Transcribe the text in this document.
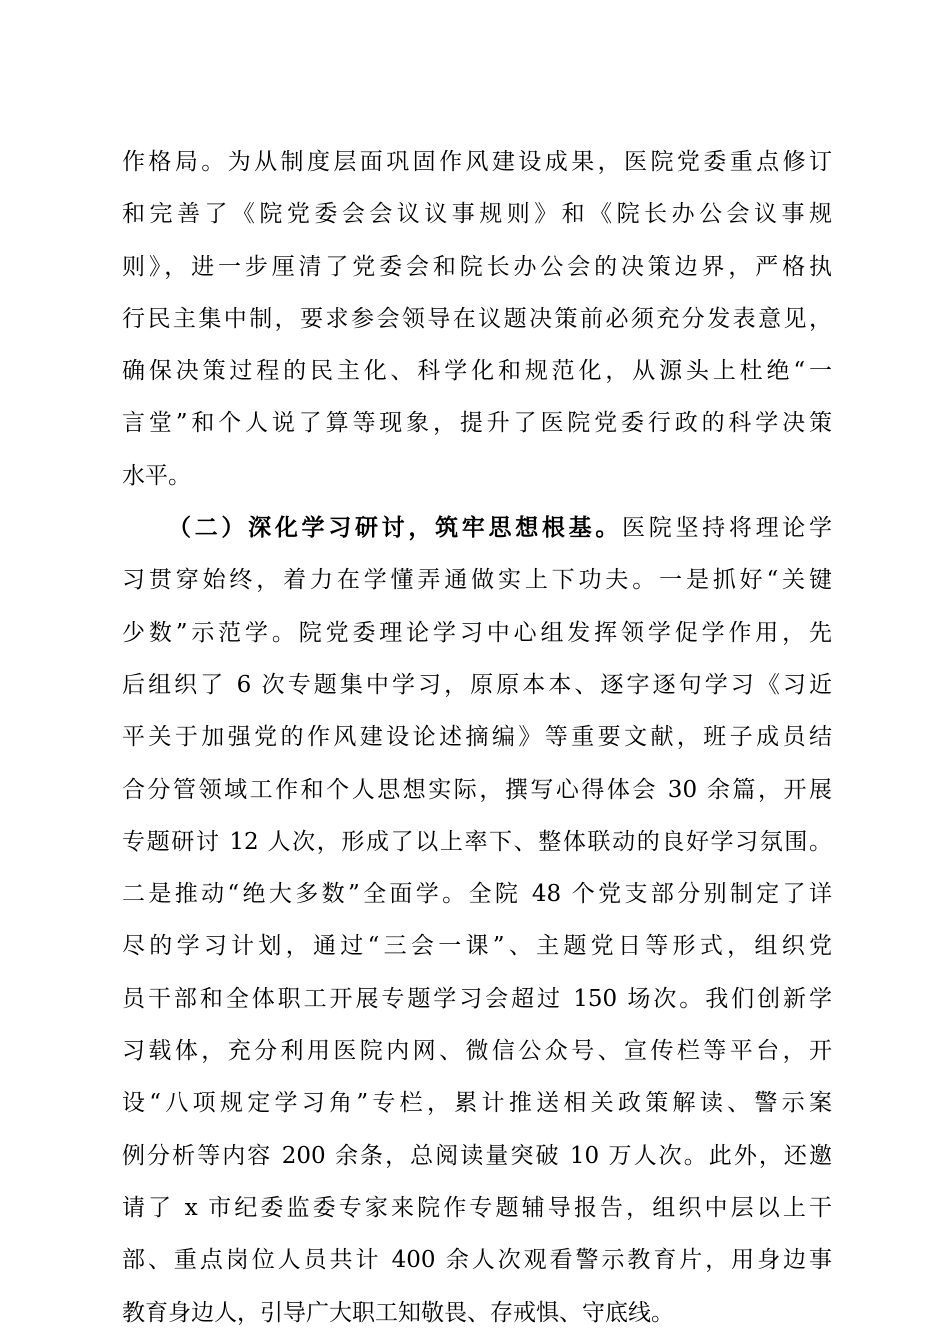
作格局。为从制度层面巩固作风建设成果，医院党委重点修订
和完善了《院党委会会议议事规则》和《院长办公会议事规
则》，进一步厘清了党委会和院长办公会的决策边界，严格执
行民主集中制，要求参会领导在议题决策前必须充分发表意见，
确保决策过程的民主化、科学化和规范化，从源头上杜绝“一
言堂”和个人说了算等现象，提升了医院党委行政的科学决策
水平。
（二）深化学习研讨，筑牢思想根基。医院坚持将理论学
习贯穿始终，着力在学懂弄通做实上下功夫。一是抓好“关键
少数”示范学。院党委理论学习中心组发挥领学促学作用，先
后组织了 6 次专题集中学习，原原本本、逐字逐句学习《习近
平关于加强党的作风建设论述摘编》等重要文献，班子成员结
合分管领域工作和个人思想实际，撰写心得体会 30 余篇，开展
专题研讨 12 人次，形成了以上率下、整体联动的良好学习氛围。
二是推动“绝大多数”全面学。全院 48 个党支部分别制定了详
尽的学习计划，通过“三会一课”、主题党日等形式，组织党
员干部和全体职工开展专题学习会超过 150 场次。我们创新学
习载体，充分利用医院内网、微信公众号、宣传栏等平台，开
设“八项规定学习角”专栏，累计推送相关政策解读、警示案
例分析等内容 200 余条，总阅读量突破 10 万人次。此外，还邀
请了 x 市纪委监委专家来院作专题辅导报告，组织中层以上干
部、重点岗位人员共计 400 余人次观看警示教育片，用身边事
教育身边人，引导广大职工知敬畏、存戒惧、守底线。
